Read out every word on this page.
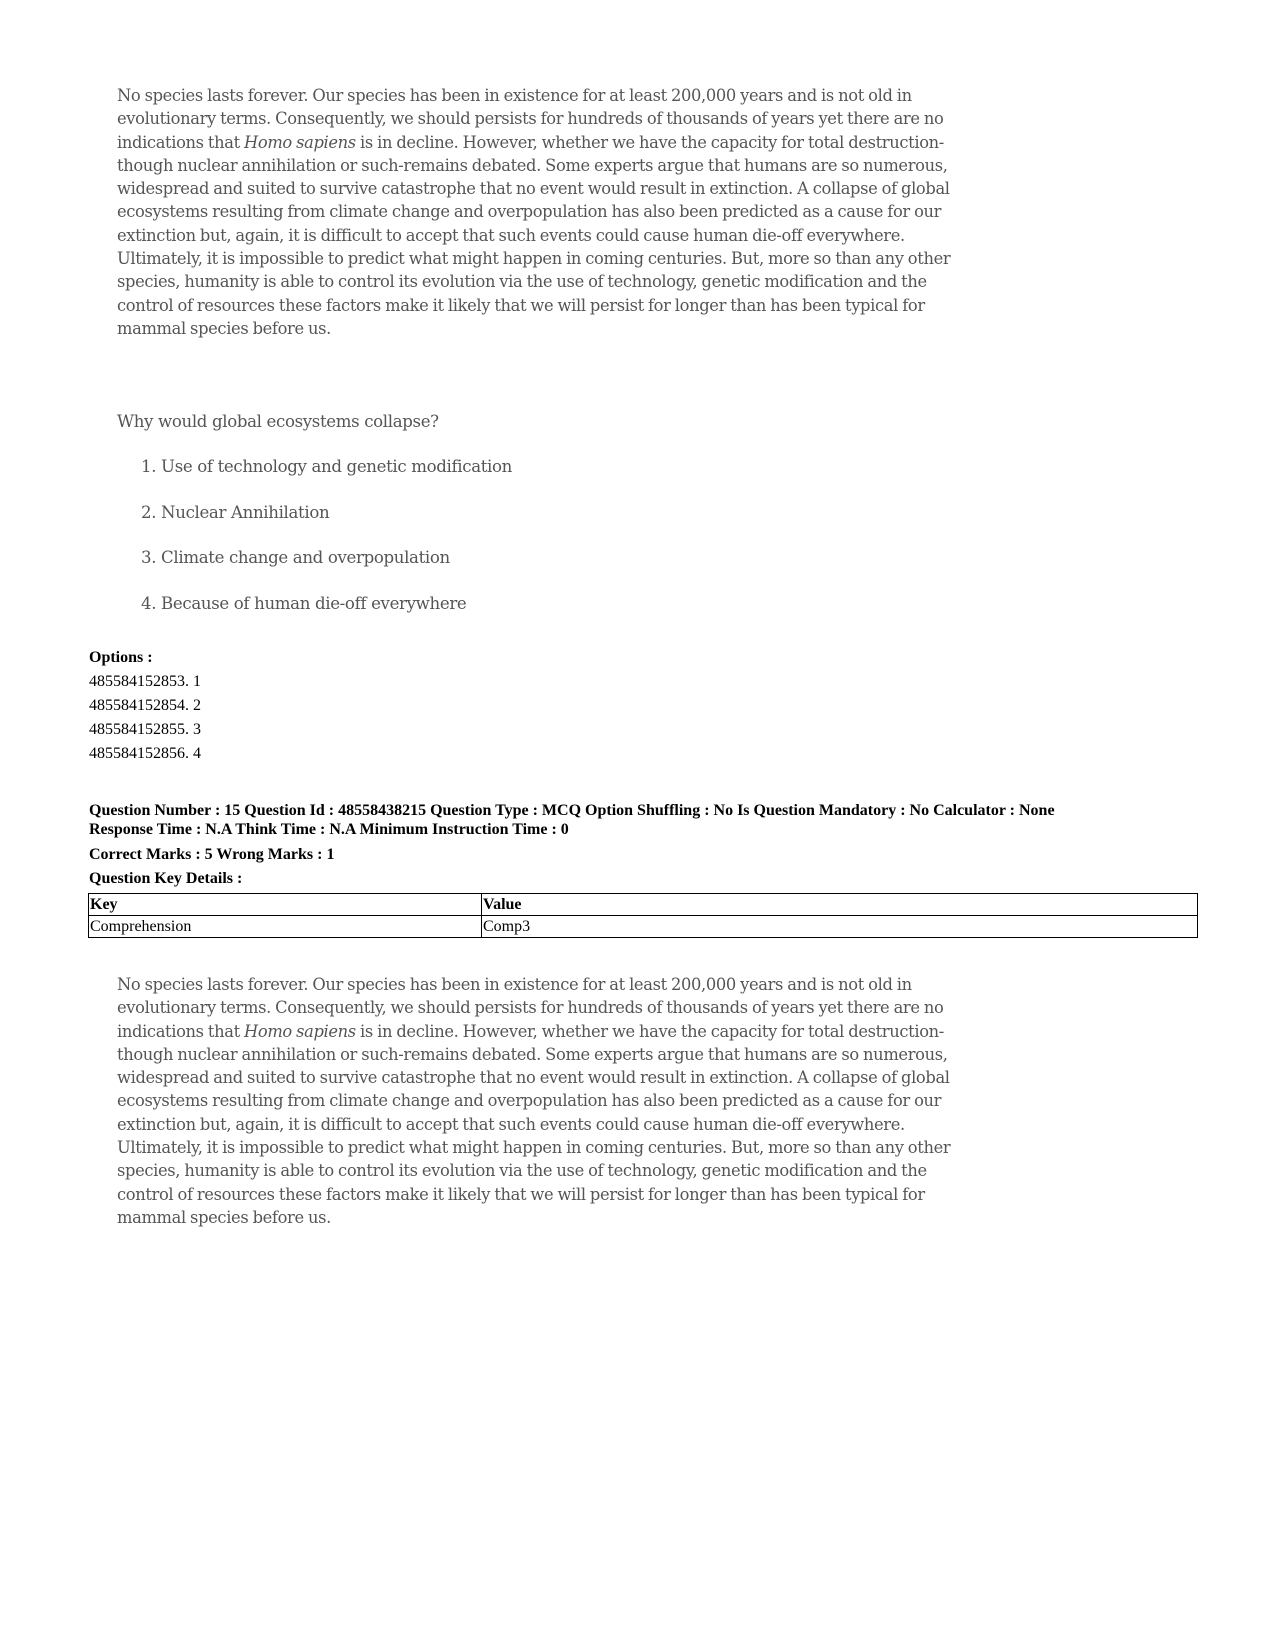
No species lasts forever. Our species has been in existence for at least 200,000 years and is not old in
evolutionary terms. Consequently, we should persists for hundreds of thousands of years yet there are no
indications that Homo sapiens is in decline. However, whether we have the capacity for total destruction-
though nuclear annihilation or such-remains debated. Some experts argue that humans are so numerous,
widespread and suited to survive catastrophe that no event would result in extinction. A collapse of global
ecosystems resulting from climate change and overpopulation has also been predicted as a cause for our
extinction but, again, it is difficult to accept that such events could cause human die-off everywhere.
Ultimately, it is impossible to predict what might happen in coming centuries. But, more so than any other
species, humanity is able to control its evolution via the use of technology, genetic modification and the
control of resources these factors make it likely that we will persist for longer than has been typical for
mammal species before us.
Why would global ecosystems collapse?
1. Use of technology and genetic modification
2. Nuclear Annihilation
3. Climate change and overpopulation
4. Because of human die-off everywhere
Options :
485584152853. 1
485584152854. 2
485584152855. 3
485584152856. 4
Question Number : 15 Question Id : 48558438215 Question Type : MCQ Option Shuffling : No Is Question Mandatory : No Calculator : None
Response Time : N.A Think Time : N.A Minimum Instruction Time : 0
Correct Marks : 5 Wrong Marks : 1
Question Key Details :
Key	Value
Comprehension	Comp3
No species lasts forever. Our species has been in existence for at least 200,000 years and is not old in
evolutionary terms. Consequently, we should persists for hundreds of thousands of years yet there are no
indications that Homo sapiens is in decline. However, whether we have the capacity for total destruction-
though nuclear annihilation or such-remains debated. Some experts argue that humans are so numerous,
widespread and suited to survive catastrophe that no event would result in extinction. A collapse of global
ecosystems resulting from climate change and overpopulation has also been predicted as a cause for our
extinction but, again, it is difficult to accept that such events could cause human die-off everywhere.
Ultimately, it is impossible to predict what might happen in coming centuries. But, more so than any other
species, humanity is able to control its evolution via the use of technology, genetic modification and the
control of resources these factors make it likely that we will persist for longer than has been typical for
mammal species before us.
